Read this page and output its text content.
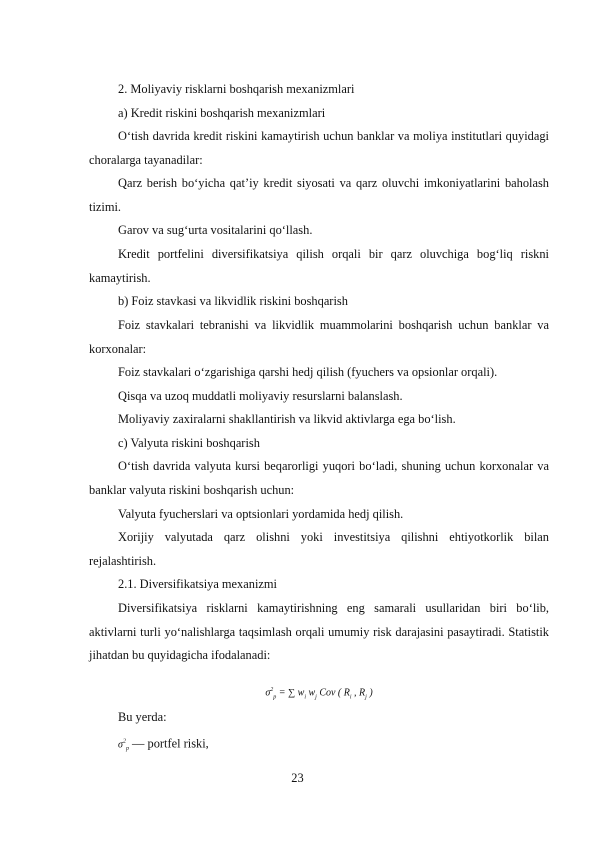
2. Moliyaviy risklarni boshqarish mexanizmlari

a) Kredit riskini boshqarish mexanizmlari

O‘tish davrida kredit riskini kamaytirish uchun banklar va moliya institutlari quyidagi choralarga tayanadilar:

Qarz berish bo‘yicha qat’iy kredit siyosati va qarz oluvchi imkoniyatlarini baholash tizimi.

Garov va sug‘urta vositalarini qo‘llash.

Kredit portfelini diversifikatsiya qilish orqali bir qarz oluvchiga bog‘liq riskni kamaytirish.

b) Foiz stavkasi va likvidlik riskini boshqarish

Foiz stavkalari tebranishi va likvidlik muammolarini boshqarish uchun banklar va korxonalar:

Foiz stavkalari o‘zgarishiga qarshi hedj qilish (fyuchers va opsionlar orqali).

Qisqa va uzoq muddatli moliyaviy resurslarni balanslash.

Moliyaviy zaxiralarni shakllantirish va likvid aktivlarga ega bo‘lish.

c) Valyuta riskini boshqarish

O‘tish davrida valyuta kursi beqarorligi yuqori bo‘ladi, shuning uchun korxonalar va banklar valyuta riskini boshqarish uchun:

Valyuta fyucherslari va optsionlari yordamida hedj qilish.

Xorijiy valyutada qarz olishni yoki investitsiya qilishni ehtiyotkorlik bilan rejalashtirish.

2.1. Diversifikatsiya mexanizmi

Diversifikatsiya risklarni kamaytirishning eng samarali usullaridan biri bo‘lib, aktivlarni turli yo‘nalishlarga taqsimlash orqali umumiy risk darajasini pasaytiradi. Statistik jihatdan bu quyidagicha ifodalanadi:

$\sigma^2_p$ = ∑ $w_i$ $w_j$ Cov ( $R_i$ , $R_j$ )

Bu yerda:

$\sigma^2_p$ — portfel riski,

23
